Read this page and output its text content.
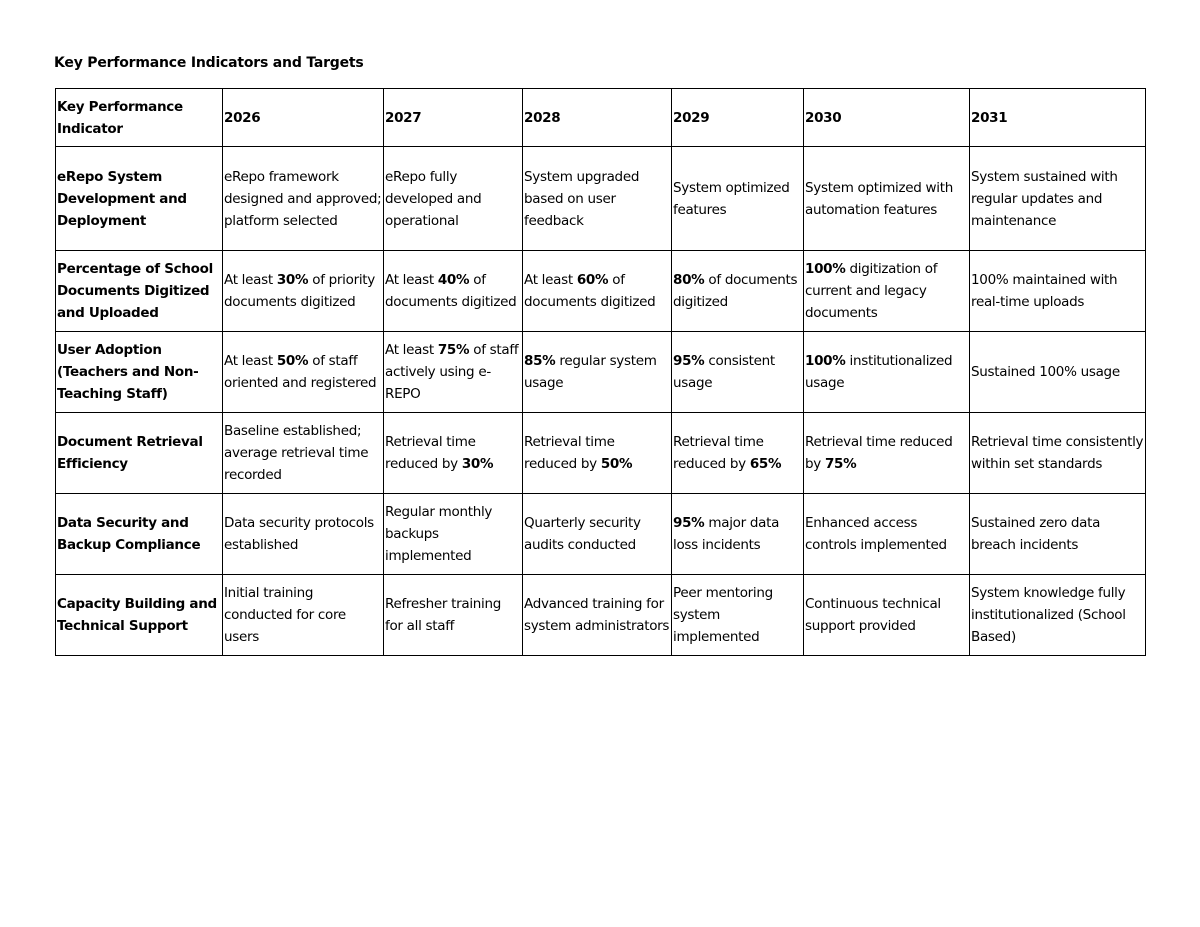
Key Performance Indicators and Targets
Key Performance Indicator	2026	2027	2028	2029	2030	2031
eRepo System Development and Deployment	eRepo framework designed and approved; platform selected	eRepo fully developed and operational	System upgraded based on user feedback	System optimized features	System optimized with automation features	System sustained with regular updates and maintenance
Percentage of School Documents Digitized and Uploaded	At least 30% of priority documents digitized	At least 40% of documents digitized	At least 60% of documents digitized	80% of documents digitized	100% digitization of current and legacy documents	100% maintained with real-time uploads
User Adoption (Teachers and Non-Teaching Staff)	At least 50% of staff oriented and registered	At least 75% of staff actively using e-REPO	85% regular system usage	95% consistent usage	100% institutionalized usage	Sustained 100% usage
Document Retrieval Efficiency	Baseline established; average retrieval time recorded	Retrieval time reduced by 30%	Retrieval time reduced by 50%	Retrieval time reduced by 65%	Retrieval time reduced by 75%	Retrieval time consistently within set standards
Data Security and Backup Compliance	Data security protocols established	Regular monthly backups implemented	Quarterly security audits conducted	95% major data loss incidents	Enhanced access controls implemented	Sustained zero data breach incidents
Capacity Building and Technical Support	Initial training conducted for core users	Refresher training for all staff	Advanced training for system administrators	Peer mentoring system implemented	Continuous technical support provided	System knowledge fully institutionalized (School Based)
